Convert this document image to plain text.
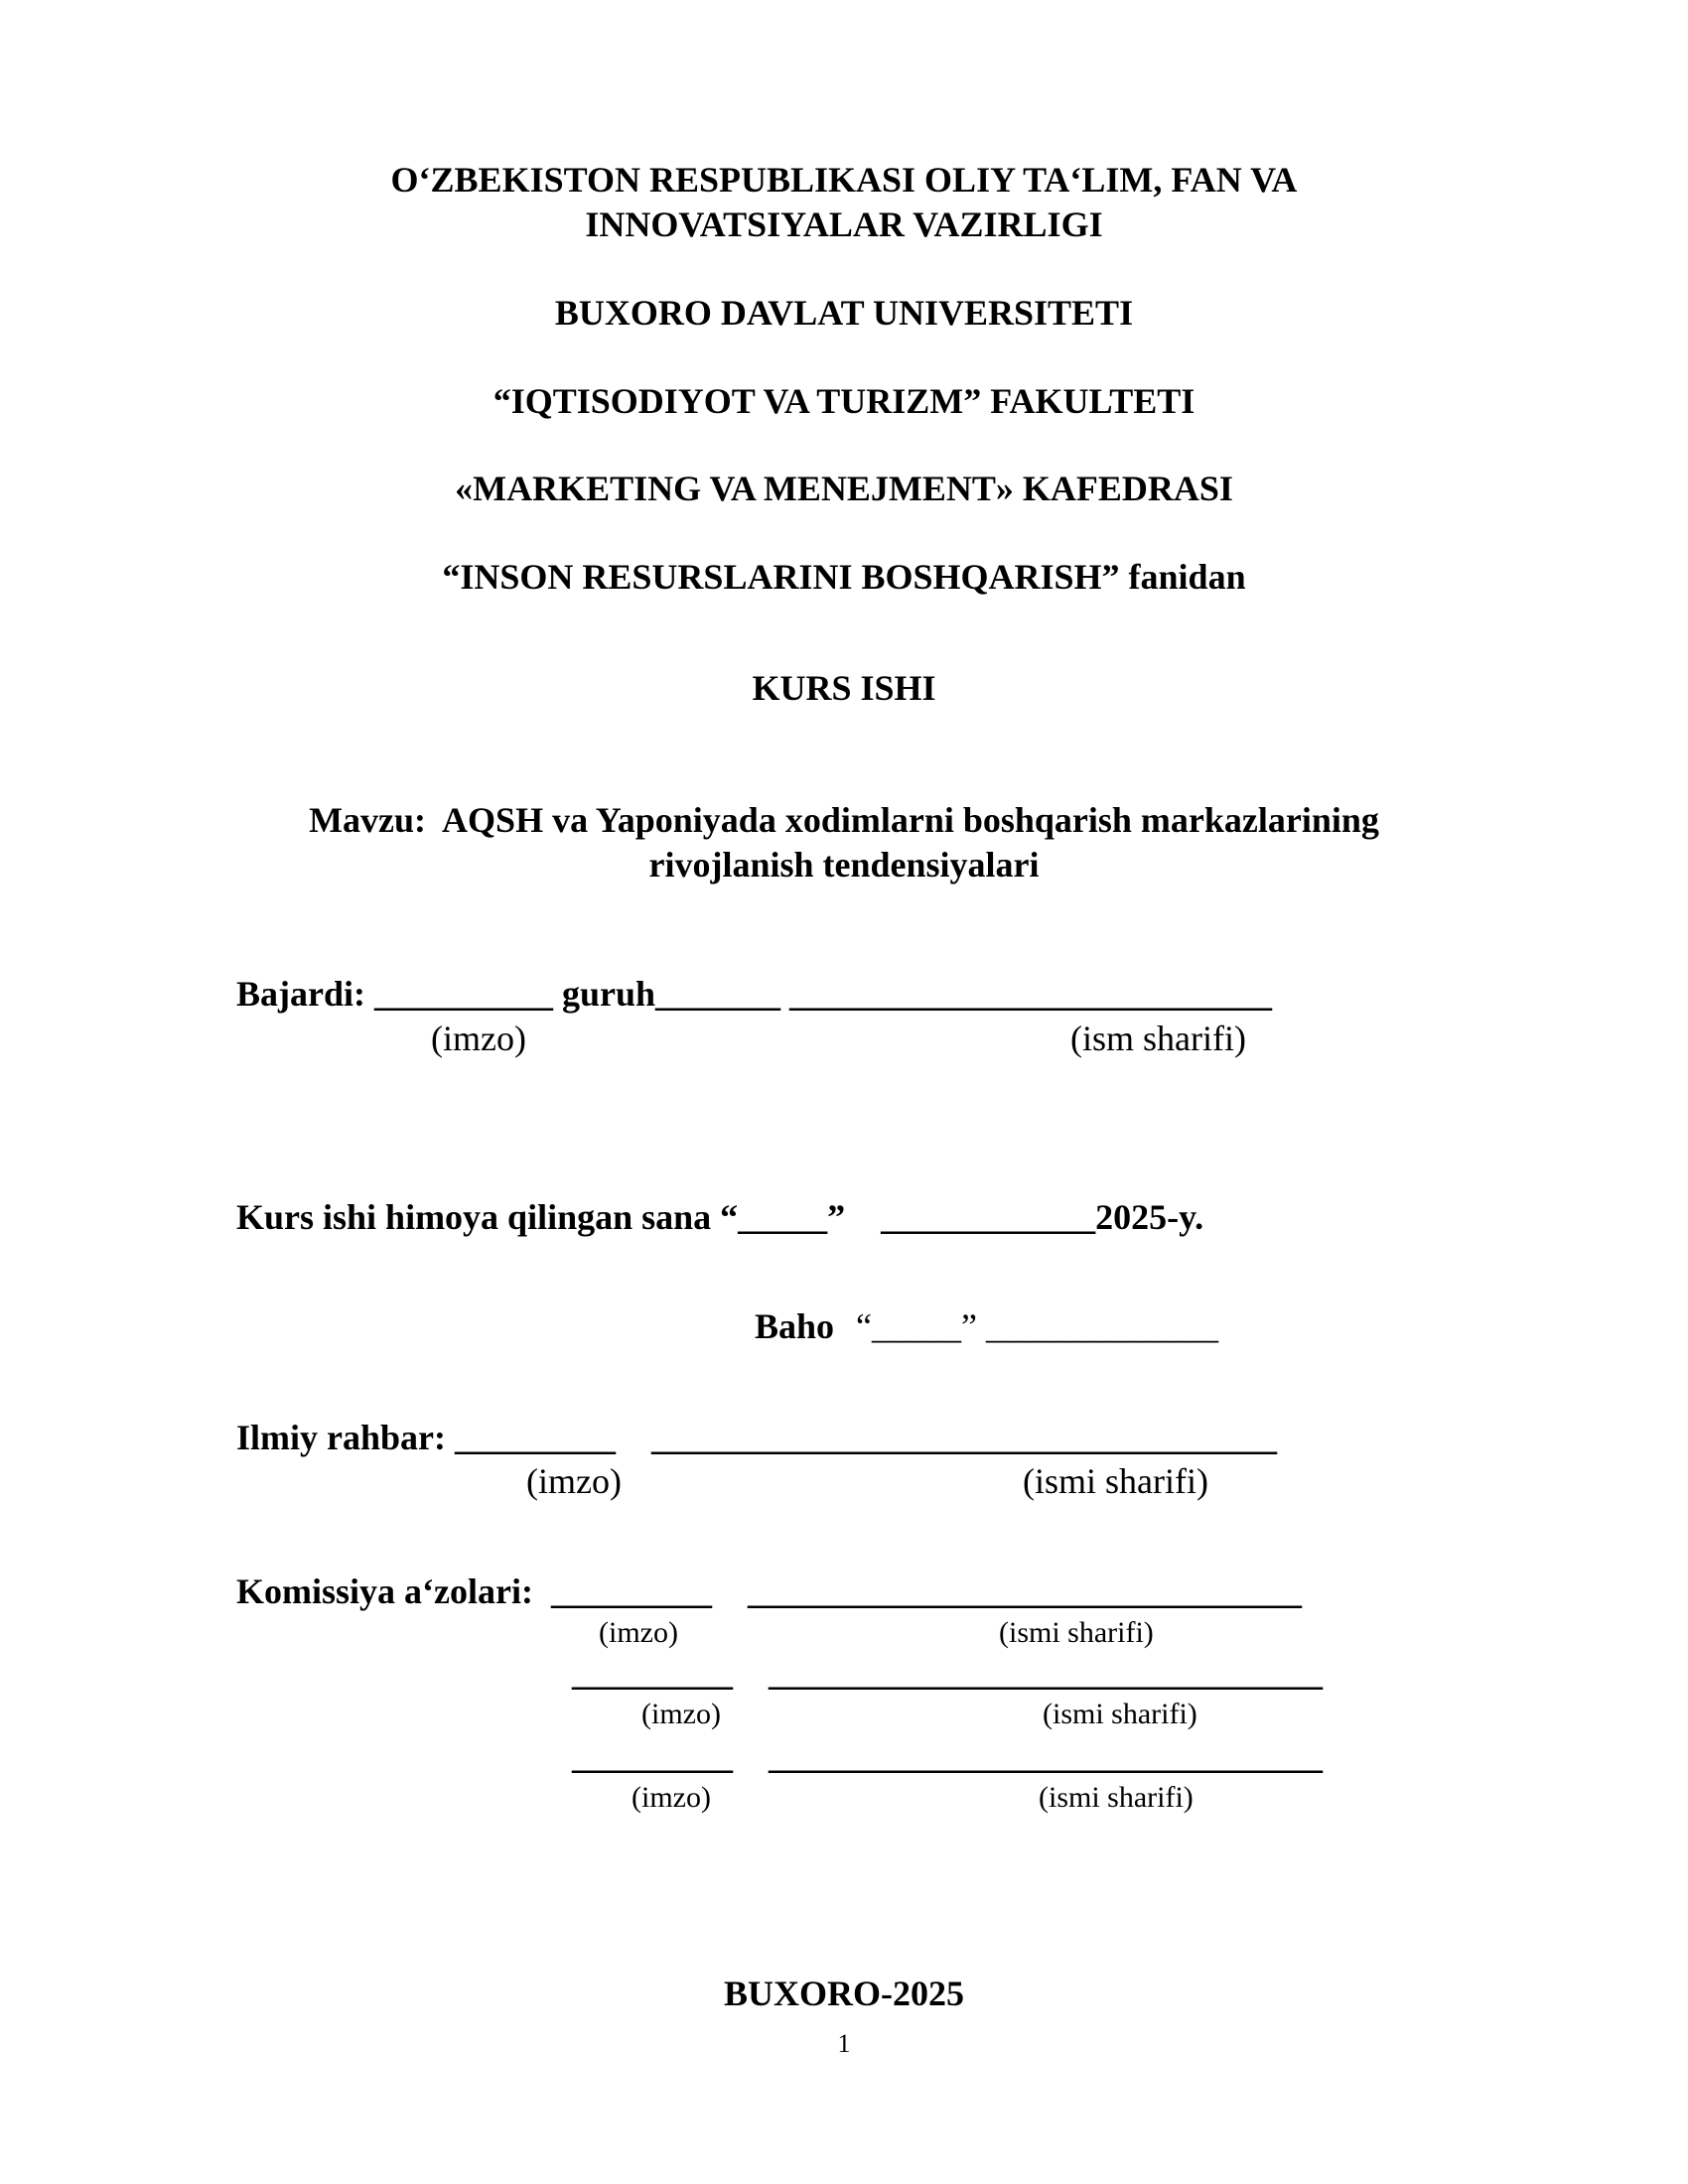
O‘ZBEKISTON RESPUBLIKASI OLIY TA‘LIM, FAN VA
INNOVATSIYALAR VAZIRLIGI
BUXORO DAVLAT UNIVERSITETI
“IQTISODIYOT VA TURIZM” FAKULTETI
«MARKETING VA MENEJMENT» KAFEDRASI
“INSON RESURSLARINI BOSHQARISH” fanidan
KURS ISHI
Mavzu:  AQSH va Yaponiyada xodimlarni boshqarish markazlarining
rivojlanish tendensiyalari
Bajardi: __________ guruh_______ ___________________________
(imzo)	(ism sharifi)
Kurs ishi himoya qilingan sana “_____”    ____________2025-y.
Baho “_____” _____________
Ilmiy rahbar: _________    ___________________________________
(imzo)	(ismi sharifi)
Komissiya a‘zolari:  _________    _______________________________
(imzo)	(ismi sharifi)
_________    _______________________________
(imzo)	(ismi sharifi)
_________    _______________________________
(imzo)	(ismi sharifi)
BUXORO-2025
1
